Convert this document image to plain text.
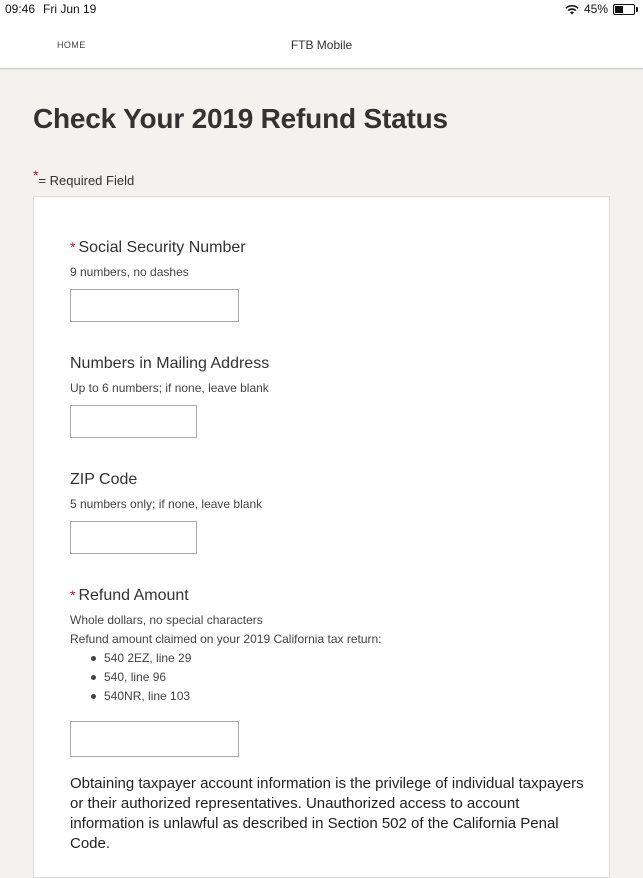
09:46 Fri Jun 19	45%
HOME	FTB Mobile
Check Your 2019 Refund Status
*= Required Field
* Social Security Number
9 numbers, no dashes
Numbers in Mailing Address
Up to 6 numbers; if none, leave blank
ZIP Code
5 numbers only; if none, leave blank
* Refund Amount
Whole dollars, no special characters
Refund amount claimed on your 2019 California tax return:
540 2EZ, line 29
540, line 96
540NR, line 103
Obtaining taxpayer account information is the privilege of individual taxpayers or their authorized representatives. Unauthorized access to account information is unlawful as described in Section 502 of the California Penal Code.
